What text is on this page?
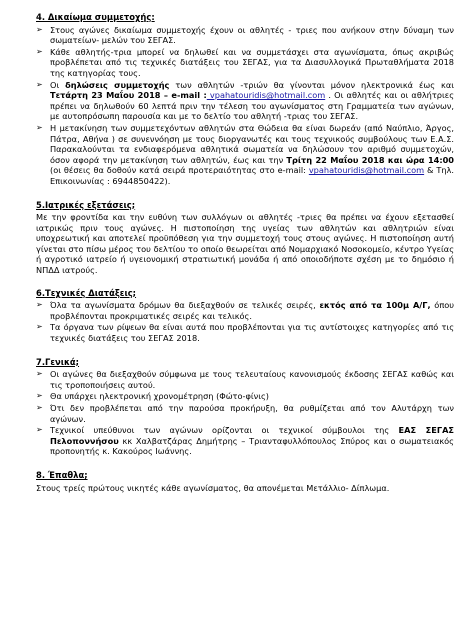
4. Δικαίωμα συμμετοχής:

➢ Στους αγώνες δικαίωμα συμμετοχής έχουν οι αθλητές - τριες που ανήκουν στην δύναμη των σωματείων- μελών του ΣΕΓΑΣ.
➢ Κάθε αθλητής-τρια μπορεί να δηλωθεί και να συμμετάσχει στα αγωνίσματα, όπως ακριβώς προβλέπεται από τις τεχνικές διατάξεις του ΣΕΓΑΣ, για τα Διασυλλογικά Πρωταθλήματα 2018 της κατηγορίας τους.
➢ Οι δηλώσεις συμμετοχής των αθλητών -τριών θα γίνονται μόνον ηλεκτρονικά έως και Τετάρτη 23 Μαΐου 2018 – e-mail : vpahatouridis@hotmail.com . Οι αθλητές και οι αθλήτριες πρέπει να δηλωθούν 60 λεπτά πριν την τέλεση του αγωνίσματος στη Γραμματεία των αγώνων, με αυτοπρόσωπη παρουσία και με το δελτίο του αθλητή -τριας του ΣΕΓΑΣ.
➢ Η μετακίνηση των συμμετεχόντων αθλητών στα Θώδεια θα είναι δωρεάν (από Ναύπλιο, Άργος, Πάτρα, Αθήνα ) σε συνεννόηση με τους διοργανωτές και τους τεχνικούς συμβούλους των Ε.Α.Σ. Παρακαλούνται τα ενδιαφερόμενα αθλητικά σωματεία να δηλώσουν τον αριθμό συμμετοχών, όσον αφορά την μετακίνηση των αθλητών, έως και την Τρίτη 22 Μαΐου 2018 και ώρα 14:00 (οι θέσεις θα δοθούν κατά σειρά προτεραιότητας στο e-mail: vpahatouridis@hotmail.com & Τηλ. Επικοινωνίας : 6944850422).

5.Ιατρικές εξετάσεις;

Με την φροντίδα και την ευθύνη των συλλόγων οι αθλητές -τριες θα πρέπει να έχουν εξετασθεί ιατρικώς πριν τους αγώνες. Η πιστοποίηση της υγείας των αθλητών και αθλητριών είναι υποχρεωτική και αποτελεί προϋπόθεση για την συμμετοχή τους στους αγώνες. Η πιστοποίηση αυτή γίνεται στο πίσω μέρος του δελτίου το οποίο θεωρείται από Νομαρχιακό Νοσοκομείο, κέντρο Υγείας ή αγροτικό ιατρείο ή υγειονομική στρατιωτική μονάδα ή από οποιοδήποτε σχέση με το δημόσιο ή ΝΠΔΔ ιατρούς.

6.Τεχνικές Διατάξεις;

➢ Όλα τα αγωνίσματα δρόμων θα διεξαχθούν σε τελικές σειρές, εκτός από τα 100μ Α/Γ, όπου προβλέπονται προκριματικές σειρές και τελικός.
➢ Τα όργανα των ρίψεων θα είναι αυτά που προβλέπονται για τις αντίστοιχες κατηγορίες από τις τεχνικές διατάξεις του ΣΕΓΑΣ 2018.

7.Γενικά;

➢ Οι αγώνες θα διεξαχθούν σύμφωνα με τους τελευταίους κανονισμούς έκδοσης ΣΕΓΑΣ καθώς και τις τροποποιήσεις αυτού.
➢ Θα υπάρχει ηλεκτρονική χρονομέτρηση (Φώτο-φίνις)
➢ Ότι δεν προβλέπεται από την παρούσα προκήρυξη, θα ρυθμίζεται από τον Αλυτάρχη των αγώνων.
➢ Τεχνικοί υπεύθυνοι των αγώνων ορίζονται οι τεχνικοί σύμβουλοι της ΕΑΣ ΣΕΓΑΣ Πελοποννήσου κκ Χαλβατζάρας Δημήτρης – Τριανταφυλλόπουλος Σπύρος και ο σωματειακός προπονητής κ. Κακούρος Ιωάννης.

8. Έπαθλα;

Στους τρείς πρώτους νικητές κάθε αγωνίσματος, θα απονέμεται Μετάλλιο- Δίπλωμα.
